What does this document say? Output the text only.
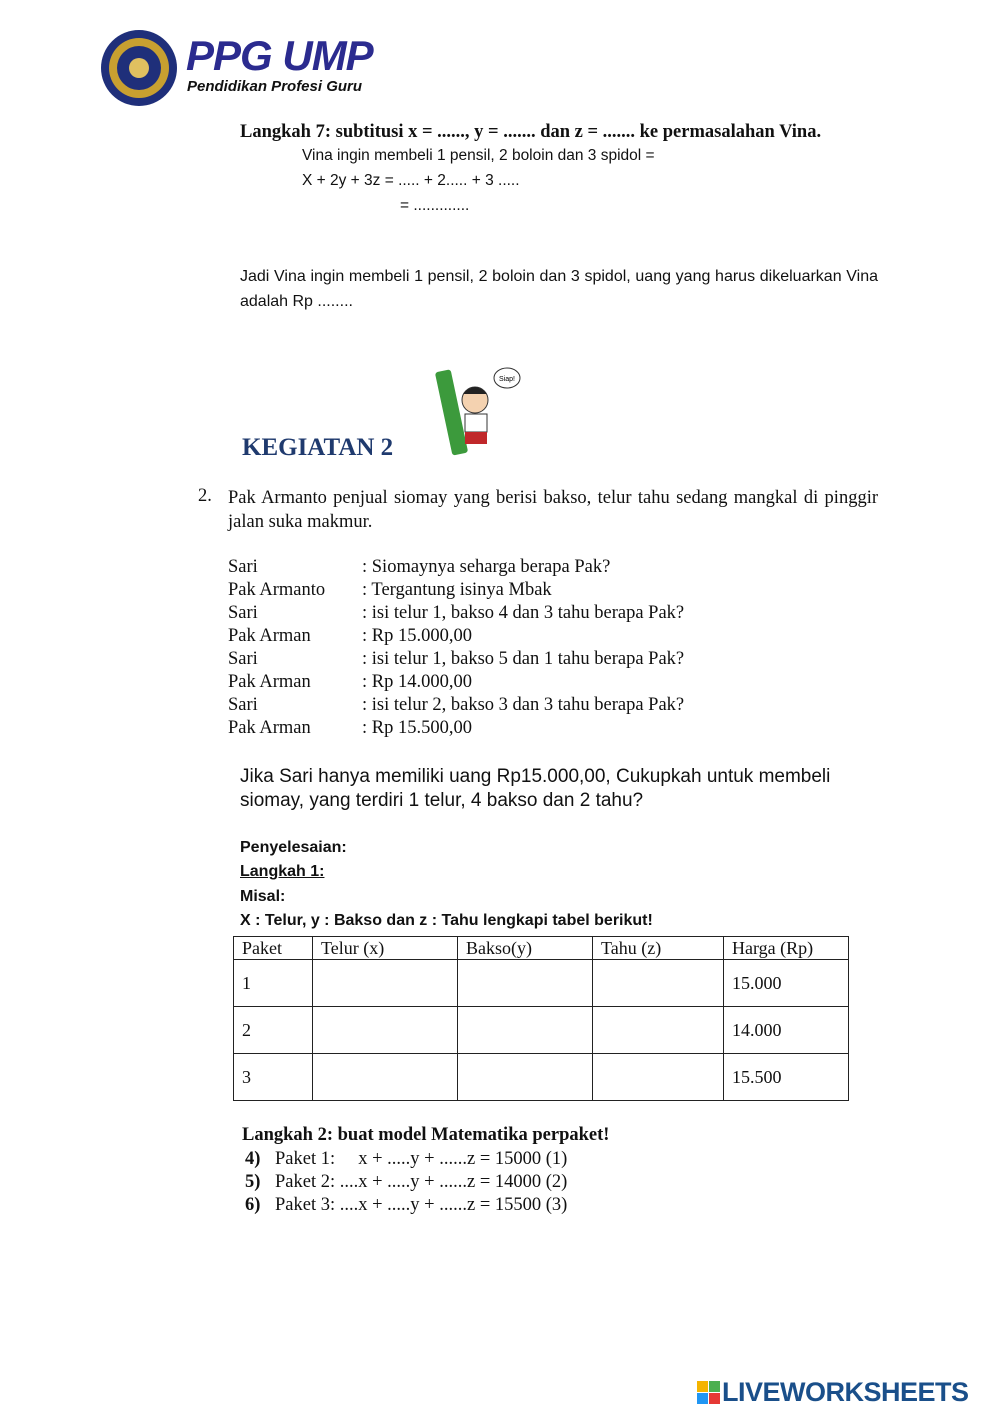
PPG UMP
Pendidikan Profesi Guru
Langkah 7: subtitusi x = ......, y = ....... dan z = ....... ke permasalahan Vina.
Vina ingin membeli 1 pensil, 2 boloin dan 3 spidol =
X + 2y + 3z = ..... + 2..... + 3 .....
= .............
Jadi Vina ingin membeli 1 pensil, 2 boloin dan 3 spidol, uang yang harus dikeluarkan Vina adalah Rp ........
Siap!
KEGIATAN 2
2. Pak Armanto penjual siomay yang berisi bakso, telur tahu sedang mangkal di pinggir jalan suka makmur.
Sari	: Siomaynya seharga berapa Pak?
Pak Armanto : Tergantung isinya Mbak
Sari	: isi telur 1, bakso 4 dan 3 tahu berapa Pak?
Pak Arman	: Rp 15.000,00
Sari	: isi telur 1, bakso 5 dan 1 tahu berapa Pak?
Pak Arman	: Rp 14.000,00
Sari	: isi telur 2, bakso 3 dan 3 tahu berapa Pak?
Pak Arman	: Rp 15.500,00
Jika Sari hanya memiliki uang Rp15.000,00, Cukupkah untuk membeli
siomay, yang terdiri 1 telur, 4 bakso dan 2 tahu?
Penyelesaian:
Langkah 1:
Misal:
X : Telur, y : Bakso dan z : Tahu lengkapi tabel berikut!
Paket	Telur (x)	Bakso(y)	Tahu (z)	Harga (Rp)
1				15.000
2				14.000
3				15.500
Langkah 2: buat model Matematika perpaket!
4) Paket 1:     x + .....y + ......z = 15000 (1)
5) Paket 2: ....x + .....y + ......z = 14000 (2)
6) Paket 3: ....x + .....y + ......z = 15500 (3)
LIVEWORKSHEETS
